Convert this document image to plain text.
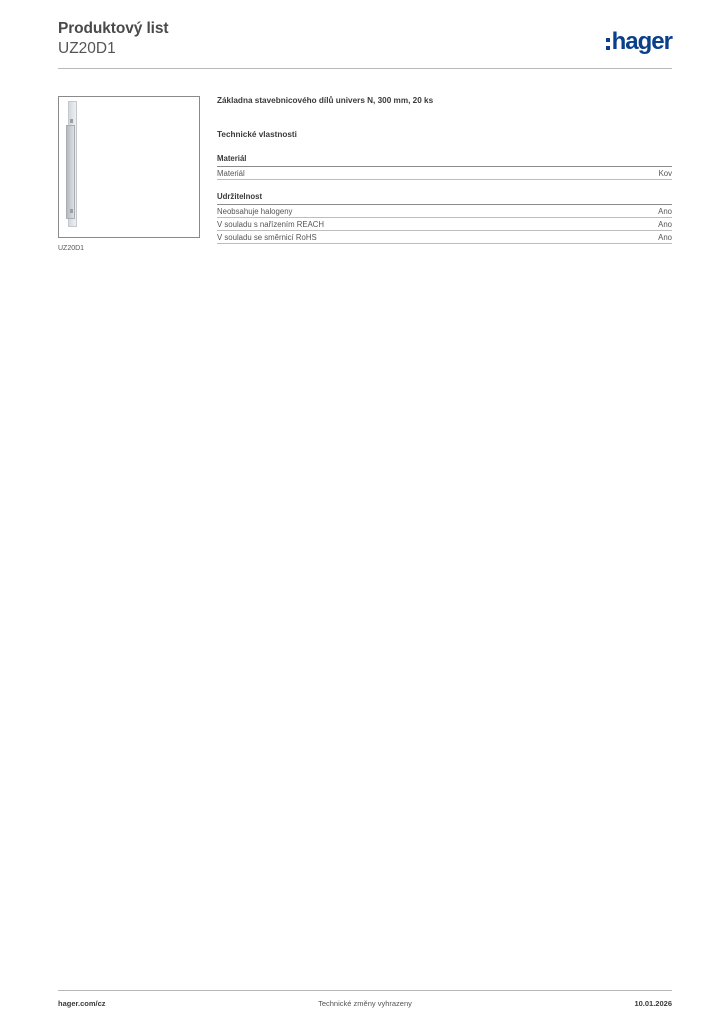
Produktový list
UZ20D1	hager
UZ20D1
Základna stavebnicového dílů univers N, 300 mm, 20 ks
Technické vlastnosti
Materiál
Materiál	Kov
Udržitelnost
Neobsahuje halogeny	Ano
V souladu s nařízením REACH	Ano
V souladu se směrnicí RoHS	Ano
hager.com/cz	Technické změny vyhrazeny	10.01.2026
